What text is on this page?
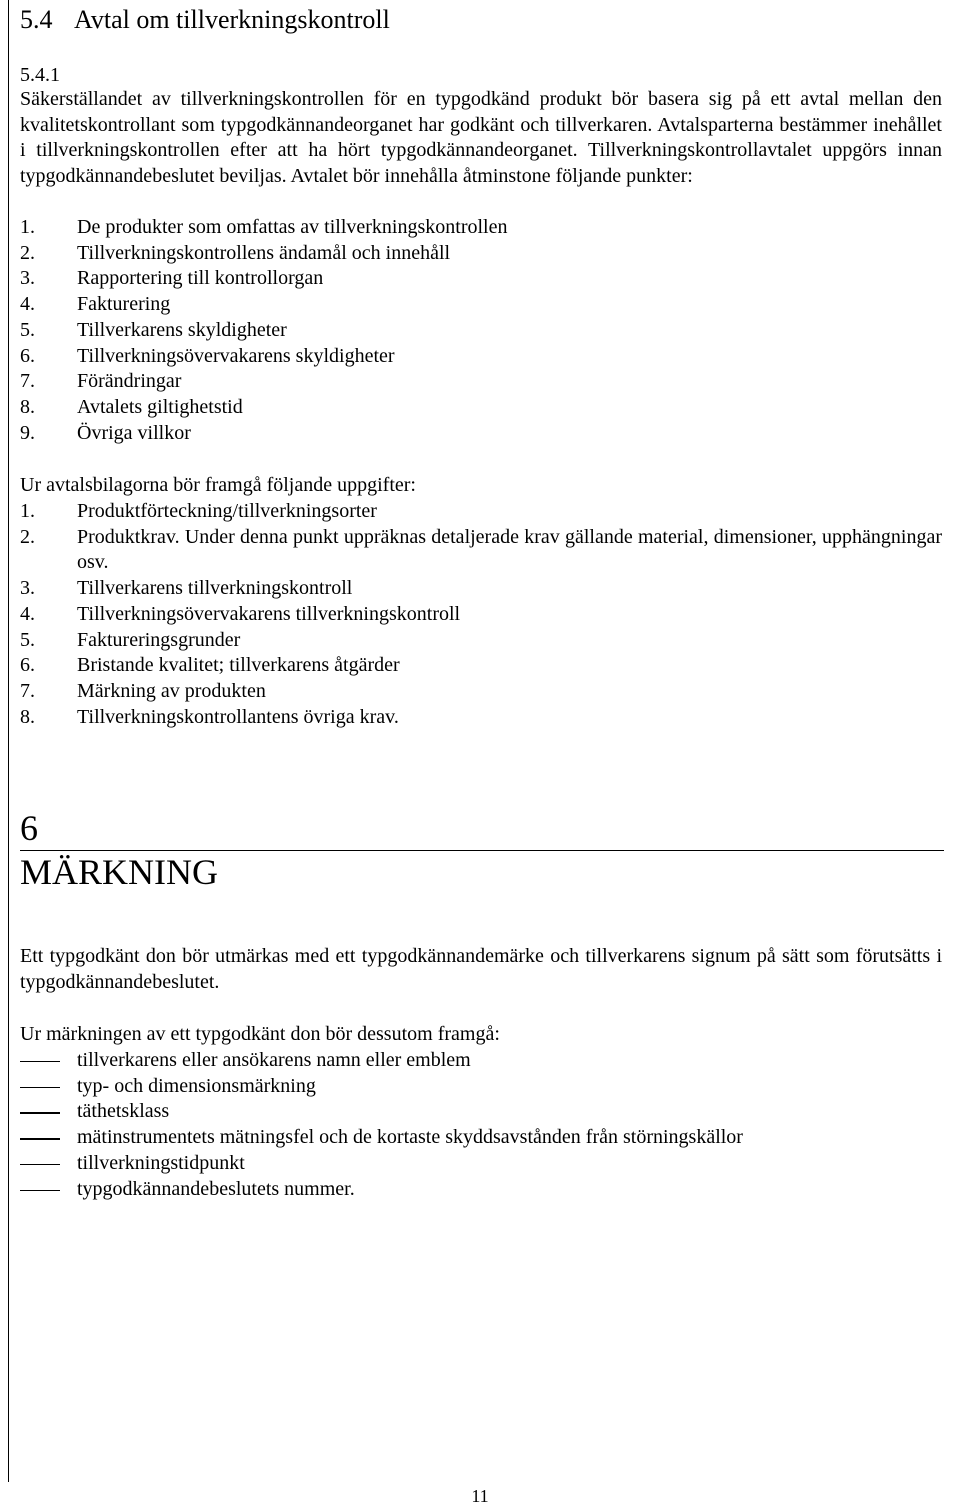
5.4 Avtal om tillverkningskontroll
5.4.1
Säkerställandet av tillverkningskontrollen för en typgodkänd produkt bör basera sig på ett avtal mellan den kvalitetskontrollant som typgodkännandeorganet har godkänt och tillverkaren. Avtalsparterna bestämmer inehållet i tillverkningskontrollen efter att ha hört typgodkännandeorganet. Tillverkningskontrollavtalet uppgörs innan typgodkännandebeslutet beviljas. Avtalet bör innehålla åtminstone följande punkter:
1.	De produkter som omfattas av tillverkningskontrollen
2.	Tillverkningskontrollens ändamål och innehåll
3.	Rapportering till kontrollorgan
4.	Fakturering
5.	Tillverkarens skyldigheter
6.	Tillverkningsövervakarens skyldigheter
7.	Förändringar
8.	Avtalets giltighetstid
9.	Övriga villkor
Ur avtalsbilagorna bör framgå följande uppgifter:
1.	Produktförteckning/tillverkningsorter
2.	Produktkrav. Under denna punkt uppräknas detaljerade krav gällande material, dimensioner, upphängningar osv.
3.	Tillverkarens tillverkningskontroll
4.	Tillverkningsövervakarens tillverkningskontroll
5.	Faktureringsgrunder
6.	Bristande kvalitet; tillverkarens åtgärder
7.	Märkning av produkten
8.	Tillverkningskontrollantens övriga krav.
6
MÄRKNING
Ett typgodkänt don bör utmärkas med ett typgodkännandemärke och tillverkarens signum på sätt som förutsätts i typgodkännandebeslutet.
Ur märkningen av ett typgodkänt don bör dessutom framgå:
tillverkarens eller ansökarens namn eller emblem
typ- och dimensionsmärkning
täthetsklass
mätinstrumentets mätningsfel och de kortaste skyddsavstånden från störningskällor
tillverkningstidpunkt
typgodkännandebeslutets nummer.
11
